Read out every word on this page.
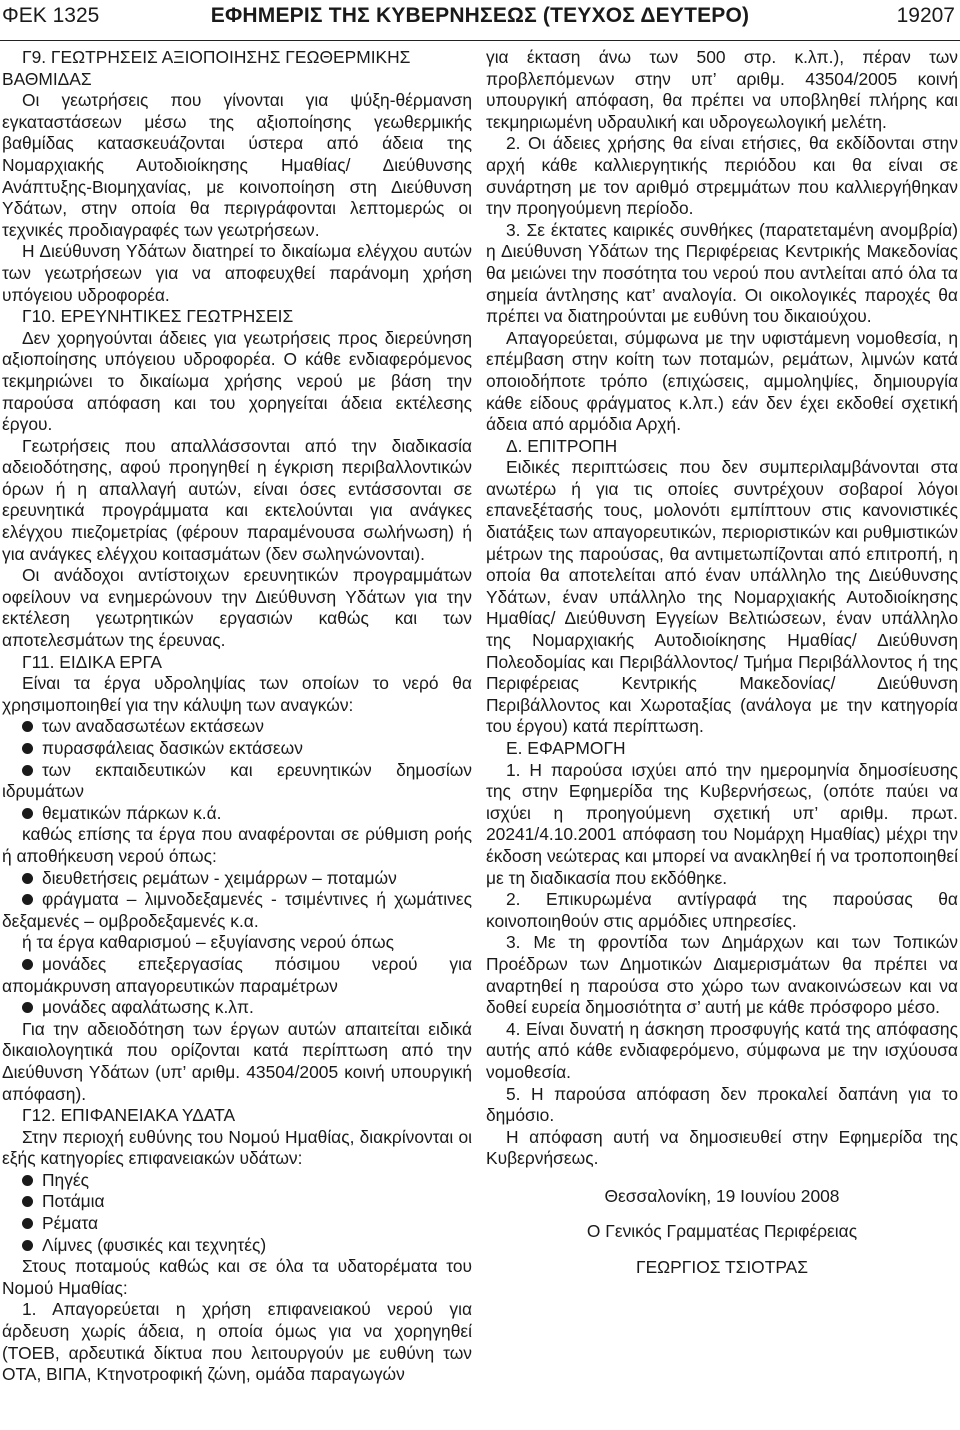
ΦΕΚ 1325	ΕΦΗΜΕΡΙΣ ΤΗΣ ΚΥΒΕΡΝΗΣΕΩΣ (ΤΕΥΧΟΣ ΔΕΥΤΕΡΟ)	19207

Γ9. ΓΕΩΤΡΗΣΕΙΣ ΑΞΙΟΠΟΙΗΣΗΣ ΓΕΩΘΕΡΜΙΚΗΣ ΒΑΘΜΙΔΑΣ

Οι γεωτρήσεις που γίνονται για ψύξη-θέρμανση εγκαταστάσεων μέσω της αξιοποίησης γεωθερμικής βαθμίδας κατασκευάζονται ύστερα από άδεια της Νομαρχιακής Αυτοδιοίκησης Ημαθίας/ Διεύθυνσης Ανάπτυξης-Βιομηχανίας, με κοινοποίηση στη Διεύθυνση Υδάτων, στην οποία θα περιγράφονται λεπτομερώς οι τεχνικές προδιαγραφές των γεωτρήσεων.

Η Διεύθυνση Υδάτων διατηρεί το δικαίωμα ελέγχου αυτών των γεωτρήσεων για να αποφευχθεί παράνομη χρήση υπόγειου υδροφορέα.

Γ10. ΕΡΕΥΝΗΤΙΚΕΣ ΓΕΩΤΡΗΣΕΙΣ

Δεν χορηγούνται άδειες για γεωτρήσεις προς διερεύνηση αξιοποίησης υπόγειου υδροφορέα. Ο κάθε ενδιαφερόμενος τεκμηριώνει το δικαίωμα χρήσης νερού με βάση την παρούσα απόφαση και του χορηγείται άδεια εκτέλεσης έργου.

Γεωτρήσεις που απαλλάσσονται από την διαδικασία αδειοδότησης, αφού προηγηθεί η έγκριση περιβαλλοντικών όρων ή η απαλλαγή αυτών, είναι όσες εντάσσονται σε ερευνητικά προγράμματα και εκτελούνται για ανάγκες ελέγχου πιεζομετρίας (φέρουν παραμένουσα σωλήνωση) ή για ανάγκες ελέγχου κοιτασμάτων (δεν σωληνώνονται).

Οι ανάδοχοι αντίστοιχων ερευνητικών προγραμμάτων οφείλουν να ενημερώνουν την Διεύθυνση Υδάτων για την εκτέλεση γεωτρητικών εργασιών καθώς και των αποτελεσμάτων της έρευνας.

Γ11. ΕΙΔΙΚΑ ΕΡΓΑ

Είναι τα έργα υδροληψίας των οποίων το νερό θα χρησιμοποιηθεί για την κάλυψη των αναγκών:

των αναδασωτέων εκτάσεων

πυρασφάλειας δασικών εκτάσεων

των εκπαιδευτικών και ερευνητικών δημοσίων ιδρυμάτων

θεματικών πάρκων κ.ά.

καθώς επίσης τα έργα που αναφέρονται σε ρύθμιση ροής ή αποθήκευση νερού όπως:

διευθετήσεις ρεμάτων - χειμάρρων – ποταμών

φράγματα – λιμνοδεξαμενές - τσιμέντινες ή χωμάτινες δεξαμενές – ομβροδεξαμενές κ.α.

ή τα έργα καθαρισμού – εξυγίανσης νερού όπως

μονάδες επεξεργασίας πόσιμου νερού για απομάκρυνση απαγορευτικών παραμέτρων

μονάδες αφαλάτωσης κ.λπ.

Για την αδειοδότηση των έργων αυτών απαιτείται ειδικά δικαιολογητικά που ορίζονται κατά περίπτωση από την Διεύθυνση Υδάτων (υπ’ αριθμ. 43504/2005 κοινή υπουργική απόφαση).

Γ12. ΕΠΙΦΑΝΕΙΑΚΑ ΥΔΑΤΑ

Στην περιοχή ευθύνης του Νομού Ημαθίας, διακρίνονται οι εξής κατηγορίες επιφανειακών υδάτων:

Πηγές

Ποτάμια

Ρέματα

Λίμνες (φυσικές και τεχνητές)

Στους ποταμούς καθώς και σε όλα τα υδατορέματα του Νομού Ημαθίας:

1. Απαγορεύεται η χρήση επιφανειακού νερού για άρδευση χωρίς άδεια, η οποία όμως για να χορηγηθεί (ΤΟΕΒ, αρδευτικά δίκτυα που λειτουργούν με ευθύνη των ΟΤΑ, ΒΙΠΑ, Κτηνοτροφική ζώνη, ομάδα παραγωγών

για έκταση άνω των 500 στρ. κ.λπ.), πέραν των προβλεπόμενων στην υπ’ αριθμ. 43504/2005 κοινή υπουργική απόφαση, θα πρέπει να υποβληθεί πλήρης και τεκμηριωμένη υδραυλική και υδρογεωλογική μελέτη.

2. Οι άδειες χρήσης θα είναι ετήσιες, θα εκδίδονται στην αρχή κάθε καλλιεργητικής περιόδου και θα είναι σε συνάρτηση με τον αριθμό στρεμμάτων που καλλιεργήθηκαν την προηγούμενη περίοδο.

3. Σε έκτατες καιρικές συνθήκες (παρατεταμένη ανομβρία) η Διεύθυνση Υδάτων της Περιφέρειας Κεντρικής Μακεδονίας θα μειώνει την ποσότητα του νερού που αντλείται από όλα τα σημεία άντλησης κατ’ αναλογία. Οι οικολογικές παροχές θα πρέπει να διατηρούνται με ευθύνη του δικαιούχου.

Απαγορεύεται, σύμφωνα με την υφιστάμενη νομοθεσία, η επέμβαση στην κοίτη των ποταμών, ρεμάτων, λιμνών κατά οποιοδήποτε τρόπο (επιχώσεις, αμμοληψίες, δημιουργία κάθε είδους φράγματος κ.λπ.) εάν δεν έχει εκδοθεί σχετική άδεια από αρμόδια Αρχή.

Δ. ΕΠΙΤΡΟΠΗ

Ειδικές περιπτώσεις που δεν συμπεριλαμβάνονται στα ανωτέρω ή για τις οποίες συντρέχουν σοβαροί λόγοι επανεξέτασής τους, μολονότι εμπίπτουν στις κανονιστικές διατάξεις των απαγορευτικών, περιοριστικών και ρυθμιστικών μέτρων της παρούσας, θα αντιμετωπίζονται από επιτροπή, η οποία θα αποτελείται από έναν υπάλληλο της Διεύθυνσης Υδάτων, έναν υπάλληλο της Νομαρχιακής Αυτοδιοίκησης Ημαθίας/ Διεύθυνση Εγγείων Βελτιώσεων, έναν υπάλληλο της Νομαρχιακής Αυτοδιοίκησης Ημαθίας/ Διεύθυνση Πολεοδομίας και Περιβάλλοντος/ Τμήμα Περιβάλλοντος ή της Περιφέρειας Κεντρικής Μακεδονίας/ Διεύθυνση Περιβάλλοντος και Χωροταξίας (ανάλογα με την κατηγορία του έργου) κατά περίπτωση.

Ε. ΕΦΑΡΜΟΓΗ

1. Η παρούσα ισχύει από την ημερομηνία δημοσίευσης της στην Εφημερίδα της Κυβερνήσεως, (οπότε παύει να ισχύει η προηγούμενη σχετική υπ’ αριθμ. πρωτ. 20241/4.10.2001 απόφαση του Νομάρχη Ημαθίας) μέχρι την έκδοση νεώτερας και μπορεί να ανακληθεί ή να τροποποιηθεί με τη διαδικασία που εκδόθηκε.

2. Επικυρωμένα αντίγραφά της παρούσας θα κοινοποιηθούν στις αρμόδιες υπηρεσίες.

3. Με τη φροντίδα των Δημάρχων και των Τοπικών Προέδρων των Δημοτικών Διαμερισμάτων θα πρέπει να αναρτηθεί η παρούσα στο χώρο των ανακοινώσεων και να δοθεί ευρεία δημοσιότητα σ’ αυτή με κάθε πρόσφορο μέσο.

4. Είναι δυνατή η άσκηση προσφυγής κατά της απόφασης αυτής από κάθε ενδιαφερόμενο, σύμφωνα με την ισχύουσα νομοθεσία.

5. Η παρούσα απόφαση δεν προκαλεί δαπάνη για το δημόσιο.

Η απόφαση αυτή να δημοσιευθεί στην Εφημερίδα της Κυβερνήσεως.

Θεσσαλονίκη, 19 Ιουνίου 2008

Ο Γενικός Γραμματέας Περιφέρειας

ΓΕΩΡΓΙΟΣ ΤΣΙΟΤΡΑΣ
